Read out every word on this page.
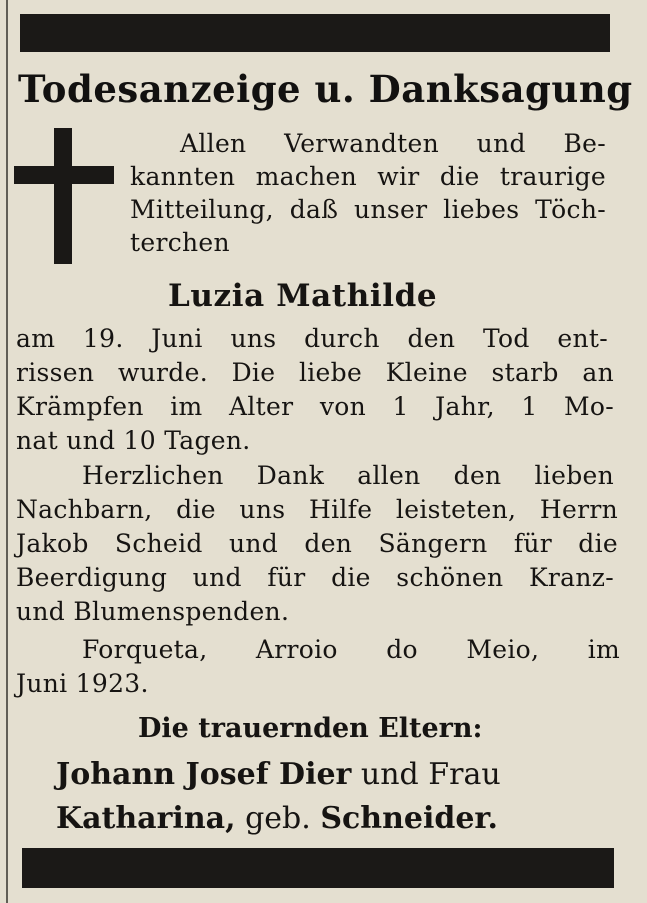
Todesanzeige u. Danksagung
Allen Verwandten und Be-
kannten machen wir die traurige
Mitteilung, daß unser liebes Töch-
terchen
Luzia Mathilde
am 19. Juni uns durch den Tod ent-
rissen wurde. Die liebe Kleine starb an
Krämpfen im Alter von 1 Jahr, 1 Mo-
nat und 10 Tagen.
Herzlichen Dank allen den lieben
Nachbarn, die uns Hilfe leisteten, Herrn
Jakob Scheid und den Sängern für die
Beerdigung und für die schönen Kranz-
und Blumenspenden.
Forqueta, Arroio do Meio, im
Juni 1923.
Die trauernden Eltern:
Johann Josef Dier und Frau
Katharina, geb. Schneider.
